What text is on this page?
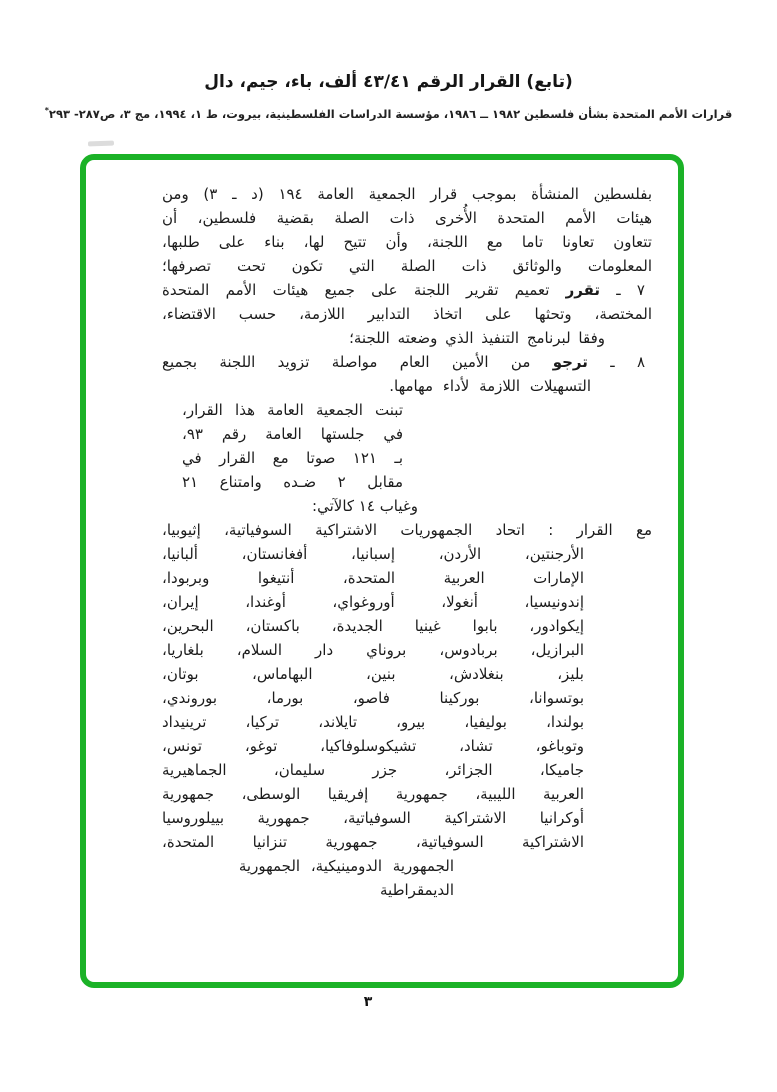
(تابع) القرار الرقم ٤٣/٤١ ألف، باء، جيم، دال
قرارات الأمم المتحدة بشأن فلسطين ١٩٨٢ ــ ١٩٨٦، مؤسسة الدراسات الفلسطينية، بيروت، ط ١، ١٩٩٤، مج ٣، ص٢٨٧- ٢٩٣*
بفلسطين المنشأة بموجب قرار الجمعية العامة ١٩٤ (د ـ ٣) ومن
هيئات الأمم المتحدة الأُخرى ذات الصلة بقضية فلسطين، أن
تتعاون تعاونا تاما مع اللجنة، وأن تتيح لها، بناء على طلبها،
المعلومات والوثائق ذات الصلة التي تكون تحت تصرفها؛
٧ ـ تقرر تعميم تقرير اللجنة على جميع هيئات الأمم المتحدة
المختصة، وتحثها على اتخاذ التدابير اللازمة، حسب الاقتضاء،
وفقا لبرنامج التنفيذ الذي وضعته اللجنة؛
٨ ـ ترجو من الأمين العام مواصلة تزويد اللجنة بجميع
التسهيلات اللازمة لأداء مهامها.
تبنت الجمعية العامة هذا القرار،
في جلستها العامة رقم ٩٣،
بـ ١٢١ صوتا مع القرار في
مقابل ٢ ضـده وامتناع ٢١
وغياب ١٤ كالآتي:
مع القرار : اتحاد الجمهوريات الاشتراكية السوفياتية، إثيوبيا،
الأرجنتين، الأردن، إسبانيا، أفغانستان، ألبانيا،
الإمارات العربية المتحدة، أنتيغوا وبربودا،
إندونيسيا، أنغولا، أوروغواي، أوغندا، إيران،
إيكوادور، بابوا غينيا الجديدة، باكستان، البحرين،
البرازيل، بربادوس، بروناي دار السلام، بلغاريا،
بليز، بنغلادش، بنين، البهاماس، بوتان،
بوتسوانا، بوركينا فاصو، بورما، بوروندي،
بولندا، بوليفيا، بيرو، تايلاند، تركيا، ترينيداد
وتوباغو، تشاد، تشيكوسلوفاكيا، توغو، تونس،
جاميكا، الجزائر، جزر سليمان، الجماهيرية
العربية الليبية، جمهورية إفريقيا الوسطى، جمهورية
أوكرانيا الاشتراكية السوفياتية، جمهورية بييلوروسيا
الاشتراكية السوفياتية، جمهورية تنزانيا المتحدة،
الجمهورية الدومينيكية، الجمهورية الديمقراطية
٣
